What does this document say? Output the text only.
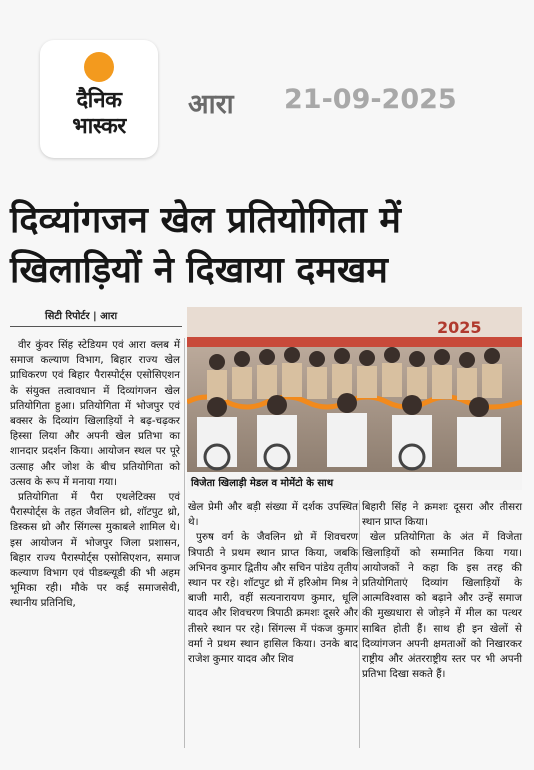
दैनिक
भास्कर
आरा 21-09-2025
दिव्यांगजन खेल प्रतियोगिता में
खिलाड़ियों ने दिखाया दमखम
सिटी रिपोर्टर | आरा

वीर कुंवर सिंह स्टेडियम एवं आरा क्लब में समाज कल्याण विभाग, बिहार राज्य खेल प्राधिकरण एवं बिहार पैरास्पोर्ट्स एसोसिएशन के संयुक्त तत्वावधान में दिव्यांगजन खेल प्रतियोगिता हुआ। प्रतियोगिता में भोजपुर एवं बक्सर के दिव्यांग खिलाड़ियों ने बढ़-चढ़कर हिस्सा लिया और अपनी खेल प्रतिभा का शानदार प्रदर्शन किया। आयोजन स्थल पर पूरे उत्साह और जोश के बीच प्रतियोगिता को उत्सव के रूप में मनाया गया।

प्रतियोगिता में पैरा एथलेटिक्स एवं पैरास्पोर्ट्स के तहत जैवलिन थ्रो, शॉटपुट थ्रो, डिस्कस थ्रो और सिंगल्स मुकाबले शामिल थे। इस आयोजन में भोजपुर जिला प्रशासन, बिहार राज्य पैरास्पोर्ट्स एसोसिएशन, समाज कल्याण विभाग एवं पीडब्ल्यूडी की भी अहम भूमिका रही। मौके पर कई समाजसेवी, स्थानीय प्रतिनिधि,

2025
विजेता खिलाड़ी मेडल व मोमेंटो के साथ

खेल प्रेमी और बड़ी संख्या में दर्शक उपस्थित थे।

पुरुष वर्ग के जैवलिन थ्रो में शिवचरण त्रिपाठी ने प्रथम स्थान प्राप्त किया, जबकि अभिनव कुमार द्वितीय और सचिन पांडेय तृतीय स्थान पर रहे। शॉटपुट थ्रो में हरिओम मिश्र ने बाजी मारी, वहीं सत्यनारायण कुमार, धूलि यादव और शिवचरण त्रिपाठी क्रमशः दूसरे और तीसरे स्थान पर रहे। सिंगल्स में पंकज कुमार वर्मा ने प्रथम स्थान हासिल किया। उनके बाद राजेश कुमार यादव और शिव

बिहारी सिंह ने क्रमशः दूसरा और तीसरा स्थान प्राप्त किया।

खेल प्रतियोगिता के अंत में विजेता खिलाड़ियों को सम्मानित किया गया। आयोजकों ने कहा कि इस तरह की प्रतियोगिताएं दिव्यांग खिलाड़ियों के आत्मविश्वास को बढ़ाने और उन्हें समाज की मुख्यधारा से जोड़ने में मील का पत्थर साबित होती हैं। साथ ही इन खेलों से दिव्यांगजन अपनी क्षमताओं को निखारकर राष्ट्रीय और अंतरराष्ट्रीय स्तर पर भी अपनी प्रतिभा दिखा सकते हैं।
